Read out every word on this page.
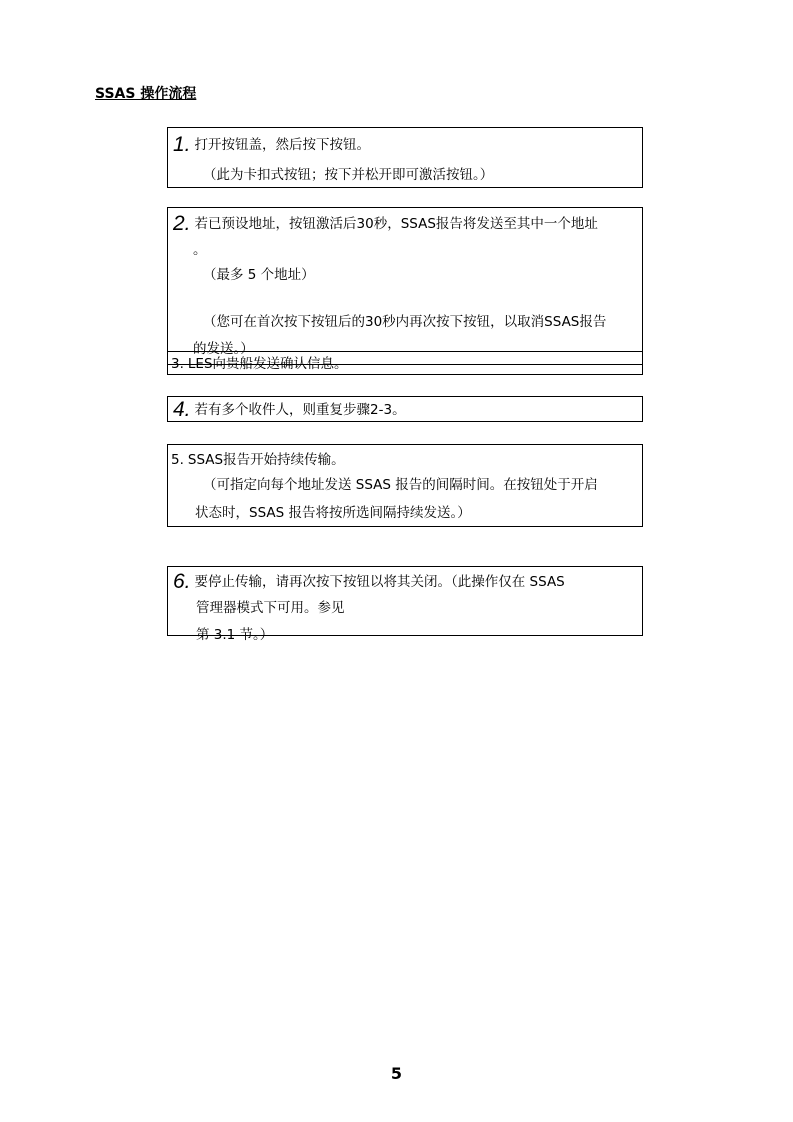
SSAS 操作流程
1. 打开按钮盖，然后按下按钮。
（此为卡扣式按钮；按下并松开即可激活按钮。）
2. 若已预设地址，按钮激活后30秒，SSAS报告将发送至其中一个地址
。
（最多 5 个地址）
（您可在首次按下按钮后的30秒内再次按下按钮，以取消SSAS报告
的发送。）
3. LES向贵船发送确认信息。
4. 若有多个收件人，则重复步骤2-3。
5. SSAS报告开始持续传输。
（可指定向每个地址发送 SSAS 报告的间隔时间。在按钮处于开启
状态时，SSAS 报告将按所选间隔持续发送。）
6. 要停止传输，请再次按下按钮以将其关闭。（此操作仅在 SSAS
管理器模式下可用。参见
第 3.1 节。）
5
